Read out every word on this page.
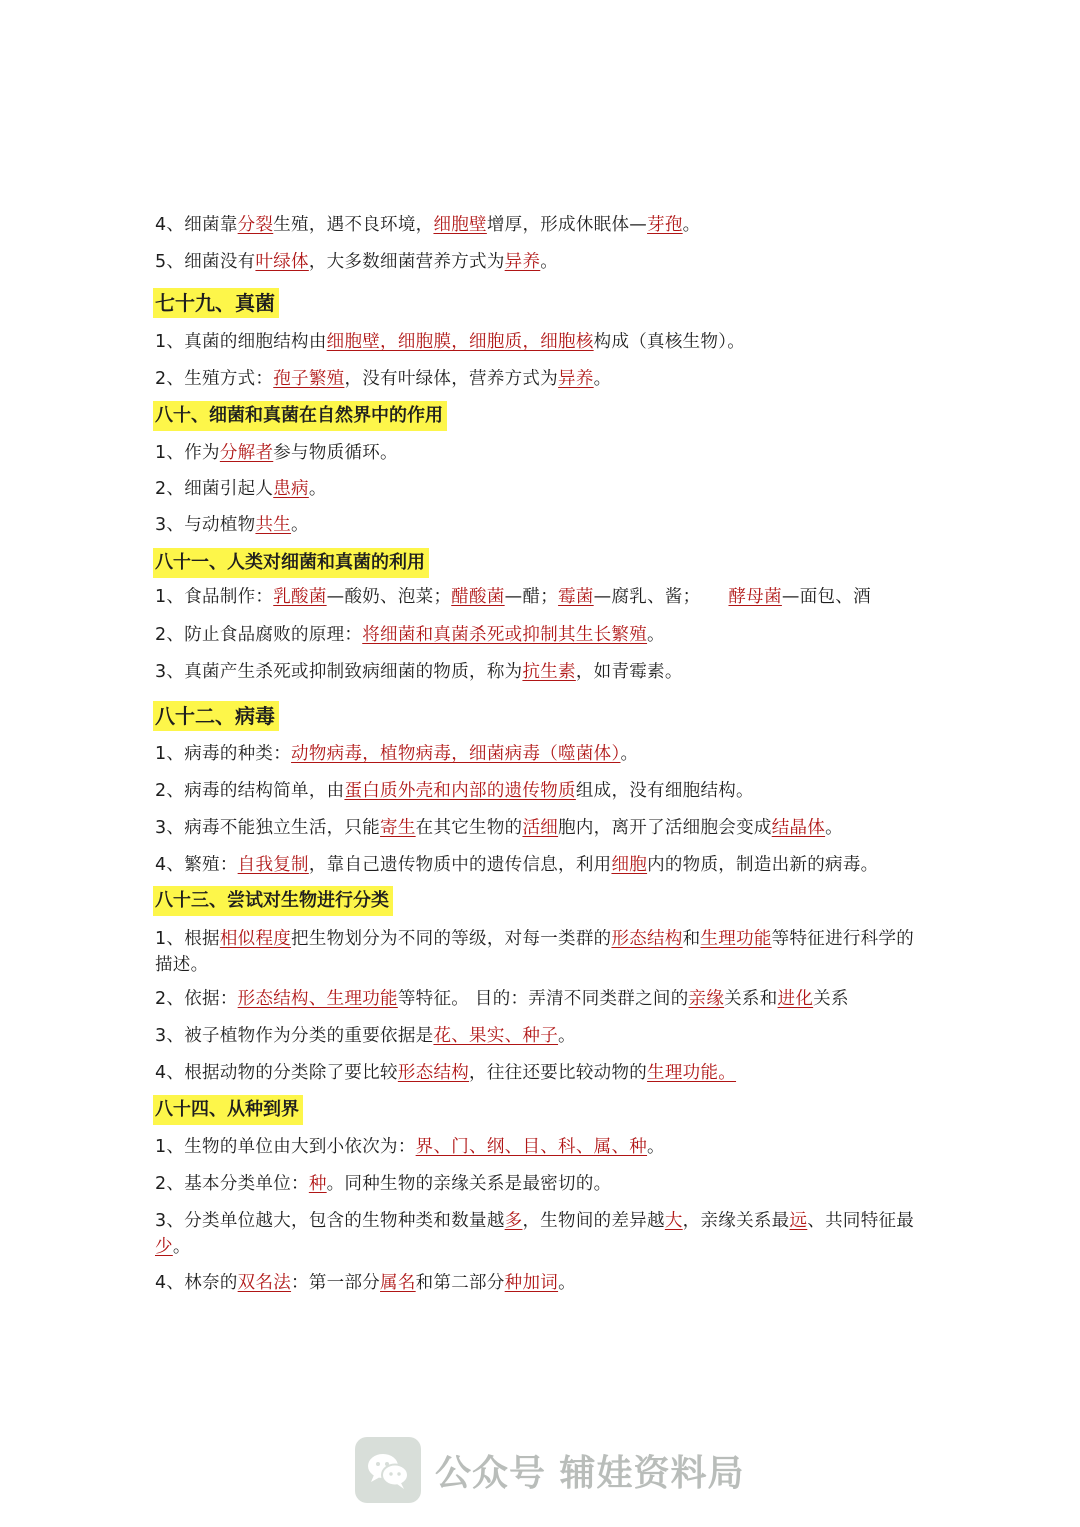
4、细菌靠分裂生殖，遇不良环境，细胞壁增厚，形成休眠体—芽孢。
5、细菌没有叶绿体，大多数细菌营养方式为异养。
七十九、真菌
1、真菌的细胞结构由细胞壁，细胞膜，细胞质，细胞核构成（真核生物）。
2、生殖方式：孢子繁殖，没有叶绿体，营养方式为异养。
八十、细菌和真菌在自然界中的作用
1、作为分解者参与物质循环。
2、细菌引起人患病。
3、与动植物共生。
八十一、人类对细菌和真菌的利用
1、食品制作：乳酸菌—酸奶、泡菜；醋酸菌—醋；霉菌—腐乳、酱； 酵母菌—面包、酒
2、防止食品腐败的原理：将细菌和真菌杀死或抑制其生长繁殖。
3、真菌产生杀死或抑制致病细菌的物质，称为抗生素，如青霉素。
八十二、病毒
1、病毒的种类：动物病毒，植物病毒，细菌病毒（噬菌体）。
2、病毒的结构简单，由蛋白质外壳和内部的遗传物质组成，没有细胞结构。
3、病毒不能独立生活，只能寄生在其它生物的活细胞内，离开了活细胞会变成结晶体。
4、繁殖：自我复制，靠自己遗传物质中的遗传信息，利用细胞内的物质，制造出新的病毒。
八十三、尝试对生物进行分类
1、根据相似程度把生物划分为不同的等级，对每一类群的形态结构和生理功能等特征进行科学的描述。
2、依据：形态结构、生理功能等特征。 目的：弄清不同类群之间的亲缘关系和进化关系
3、被子植物作为分类的重要依据是花、果实、种子。
4、根据动物的分类除了要比较形态结构，往往还要比较动物的生理功能。
八十四、从种到界
1、生物的单位由大到小依次为：界、门、纲、目、科、属、种。
2、基本分类单位：种。同种生物的亲缘关系是最密切的。
3、分类单位越大，包含的生物种类和数量越多，生物间的差异越大，亲缘关系最远、共同特征最少。
4、林奈的双名法：第一部分属名和第二部分种加词。
公众号 辅娃资料局
